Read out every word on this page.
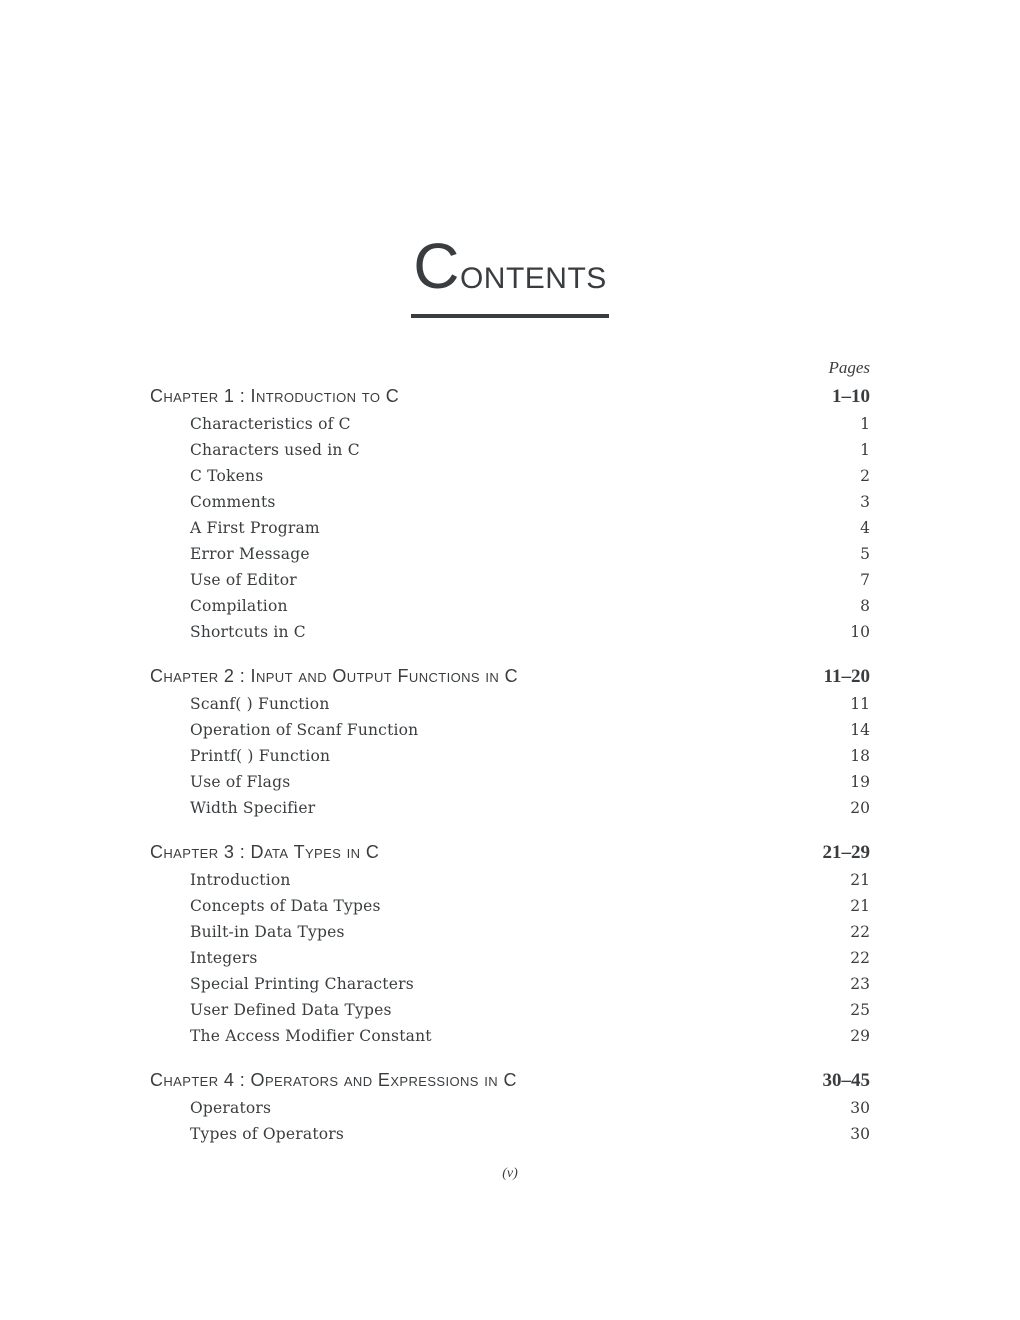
CONTENTS
Pages
Chapter 1 : Introduction to C	1–10
Characteristics of C	1
Characters used in C	1
C Tokens	2
Comments	3
A First Program	4
Error Message	5
Use of Editor	7
Compilation	8
Shortcuts in C	10
Chapter 2 : Input and Output Functions in C	11–20
Scanf( ) Function	11
Operation of Scanf Function	14
Printf( ) Function	18
Use of Flags	19
Width Specifier	20
Chapter 3 : Data Types in C	21–29
Introduction	21
Concepts of Data Types	21
Built-in Data Types	22
Integers	22
Special Printing Characters	23
User Defined Data Types	25
The Access Modifier Constant	29
Chapter 4 : Operators and Expressions in C	30–45
Operators	30
Types of Operators	30
(v)
